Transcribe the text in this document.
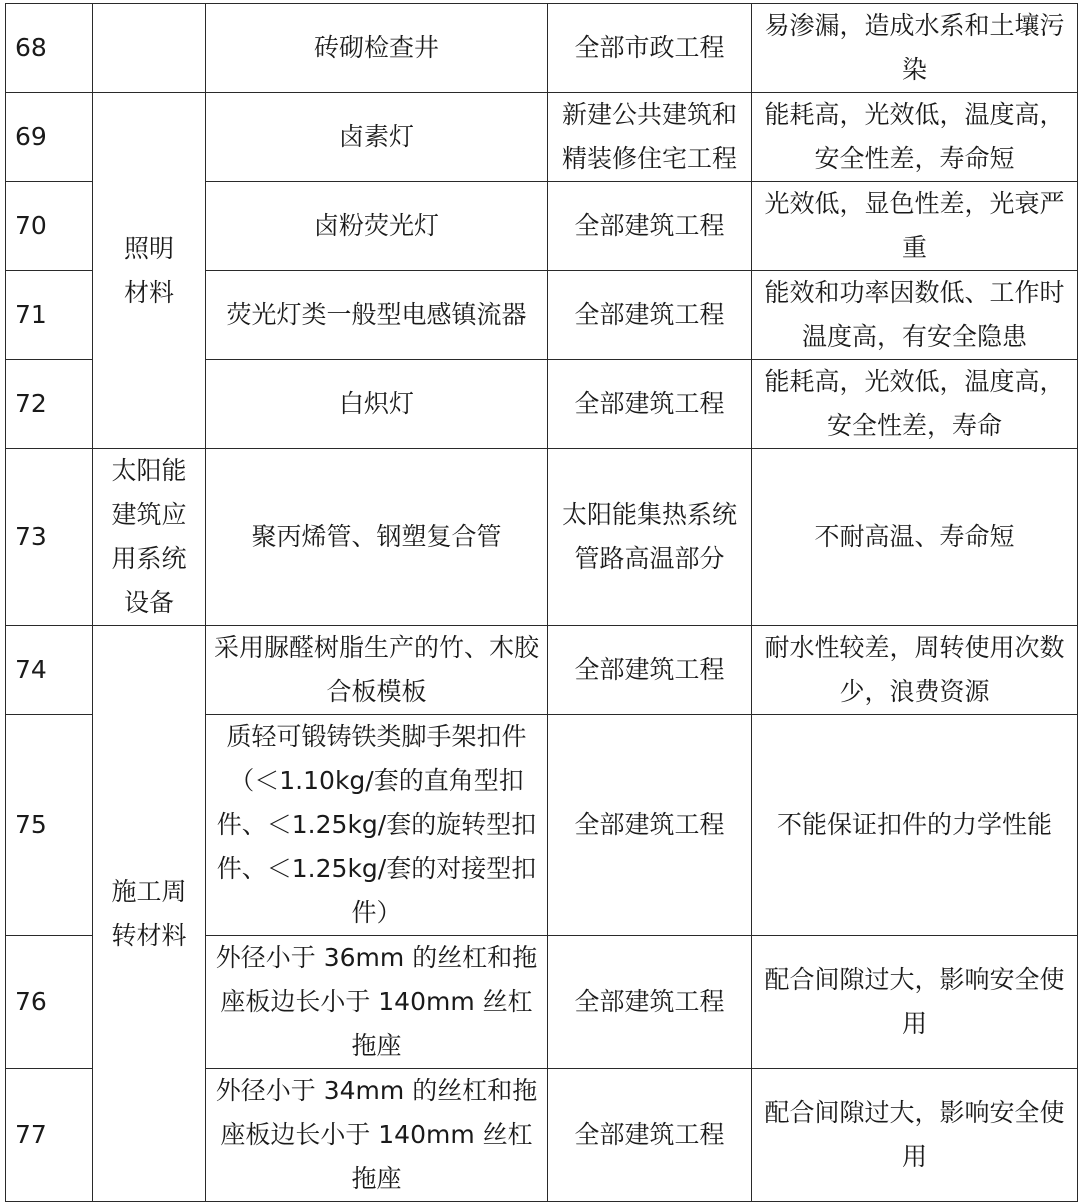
68		砖砌检查井	全部市政工程	易渗漏，造成水系和土壤污染
69	照明材料	卤素灯	新建公共建筑和精装修住宅工程	能耗高，光效低，温度高，安全性差，寿命短
70		卤粉荧光灯	全部建筑工程	光效低，显色性差，光衰严重
71		荧光灯类一般型电感镇流器	全部建筑工程	能效和功率因数低、工作时温度高，有安全隐患
72		白炽灯	全部建筑工程	能耗高，光效低，温度高，安全性差，寿命
73	太阳能建筑应用系统设备	聚丙烯管、钢塑复合管	太阳能集热系统管路高温部分	不耐高温、寿命短
74	施工周转材料	采用脲醛树脂生产的竹、木胶合板模板	全部建筑工程	耐水性较差，周转使用次数少，浪费资源
75		质轻可锻铸铁类脚手架扣件（＜1.10kg/套的直角型扣件、＜1.25kg/套的旋转型扣件、＜1.25kg/套的对接型扣件）	全部建筑工程	不能保证扣件的力学性能
76		外径小于 36mm 的丝杠和拖座板边长小于 140mm 丝杠拖座	全部建筑工程	配合间隙过大，影响安全使用
77		外径小于 34mm 的丝杠和拖座板边长小于 140mm 丝杠拖座	全部建筑工程	配合间隙过大，影响安全使用
